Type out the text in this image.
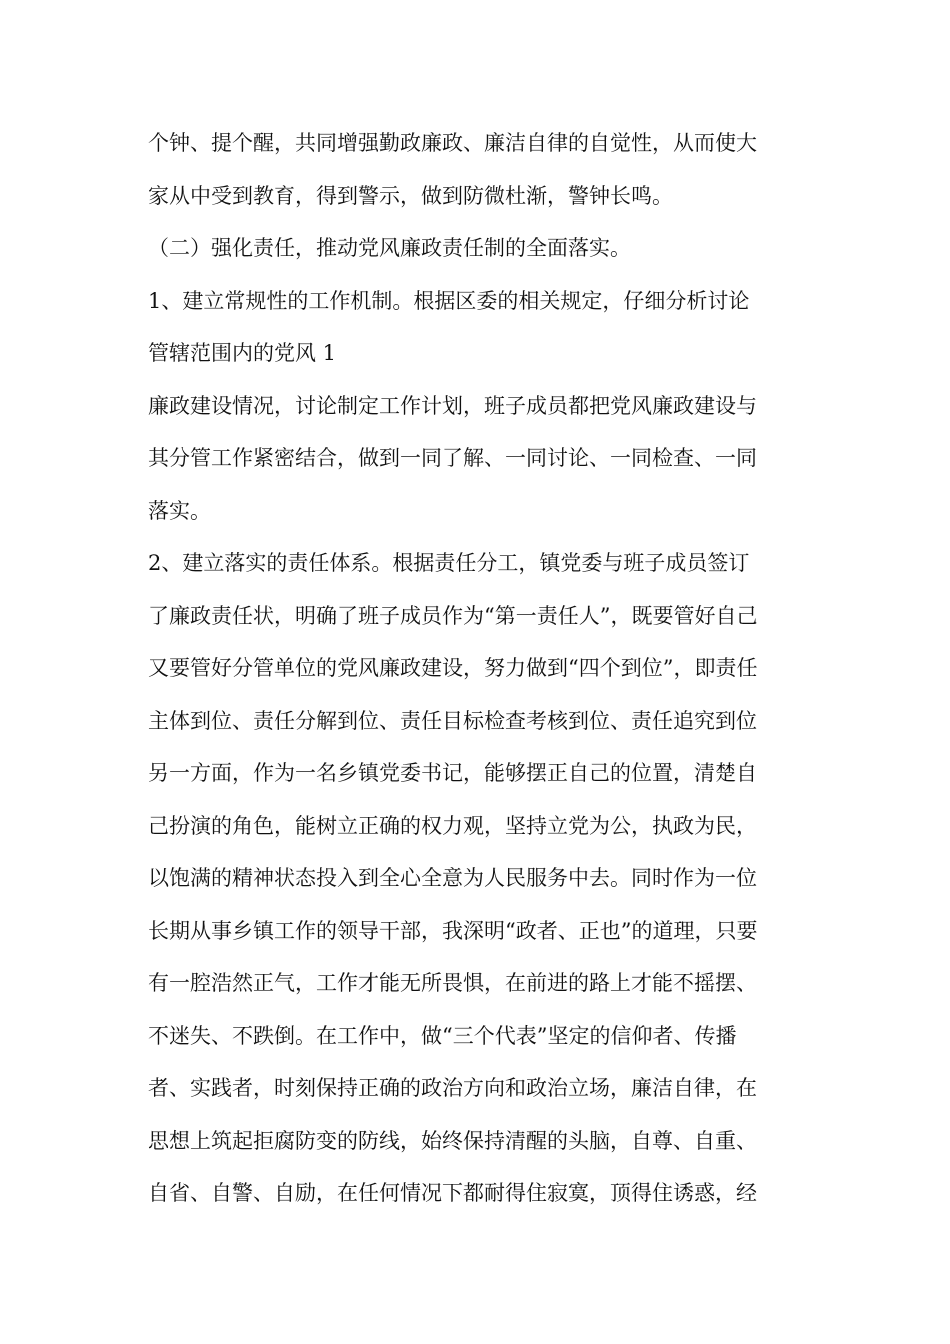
个钟、提个醒，共同增强勤政廉政、廉洁自律的自觉性，从而使大
家从中受到教育，得到警示，做到防微杜渐，警钟长鸣。
（二）强化责任，推动党风廉政责任制的全面落实。
1、建立常规性的工作机制。根据区委的相关规定，仔细分析讨论
管辖范围内的党风 1
廉政建设情况，讨论制定工作计划，班子成员都把党风廉政建设与
其分管工作紧密结合，做到一同了解、一同讨论、一同检查、一同
落实。
2、建立落实的责任体系。根据责任分工，镇党委与班子成员签订
了廉政责任状，明确了班子成员作为“第一责任人”，既要管好自己
又要管好分管单位的党风廉政建设，努力做到“四个到位”，即责任
主体到位、责任分解到位、责任目标检查考核到位、责任追究到位
另一方面，作为一名乡镇党委书记，能够摆正自己的位置，清楚自
己扮演的角色，能树立正确的权力观，坚持立党为公，执政为民，
以饱满的精神状态投入到全心全意为人民服务中去。同时作为一位
长期从事乡镇工作的领导干部，我深明“政者、正也”的道理，只要
有一腔浩然正气，工作才能无所畏惧，在前进的路上才能不摇摆、
不迷失、不跌倒。在工作中，做“三个代表”坚定的信仰者、传播
者、实践者，时刻保持正确的政治方向和政治立场，廉洁自律，在
思想上筑起拒腐防变的防线，始终保持清醒的头脑，自尊、自重、
自省、自警、自励，在任何情况下都耐得住寂寞，顶得住诱惑，经
